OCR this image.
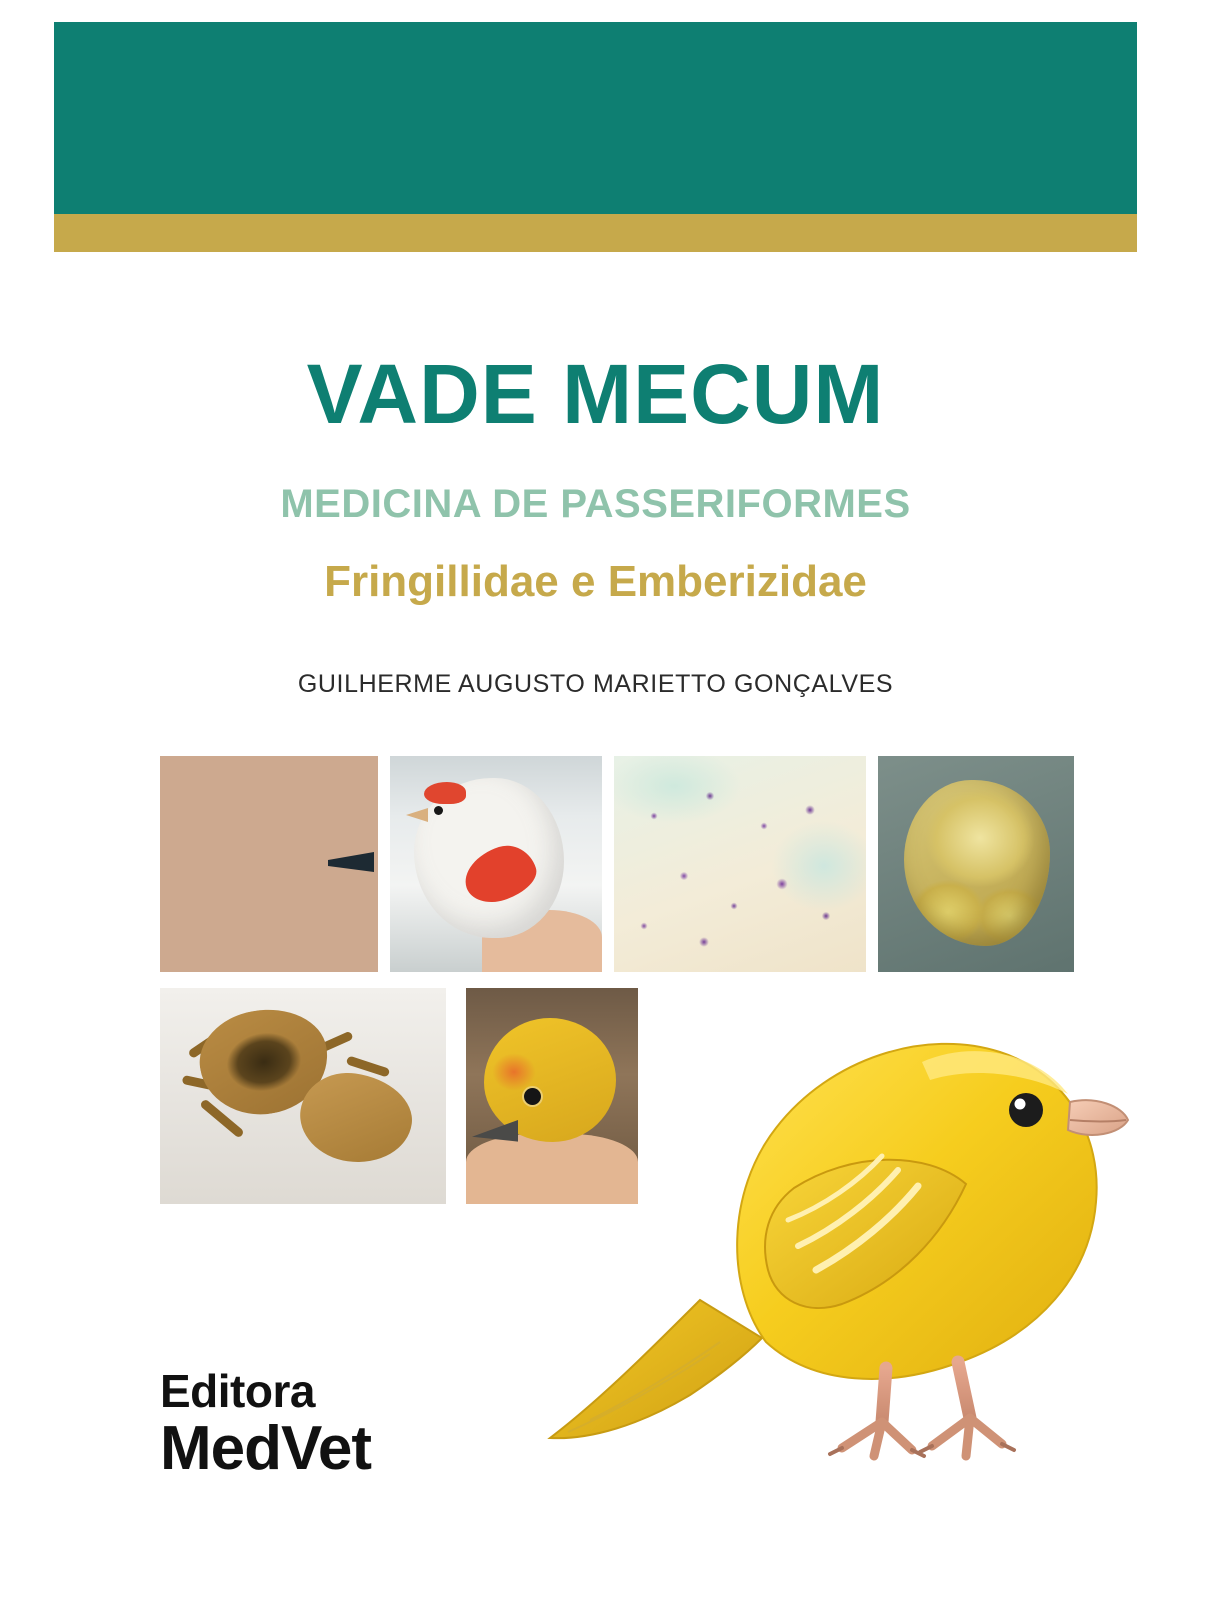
VADE MECUM
MEDICINA DE PASSERIFORMES
Fringillidae e Emberizidae
GUILHERME AUGUSTO MARIETTO GONÇALVES
Editora
MedVet
